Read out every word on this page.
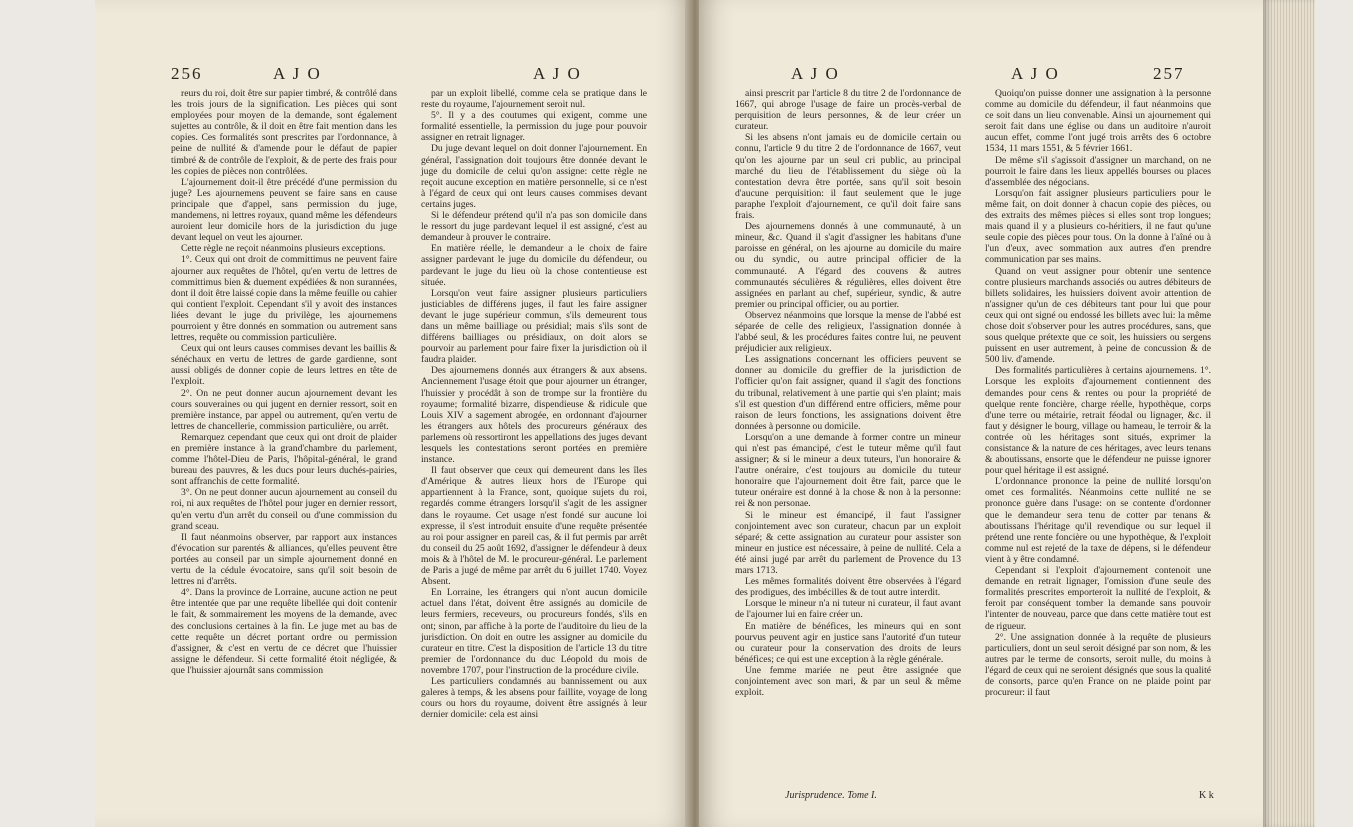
256	A J O	A J O

reurs du roi, doit être sur papier timbré, & contrôlé dans les trois jours de la signification. Les pièces qui sont employées pour moyen de la demande, sont également sujettes au contrôle, & il doit en être fait mention dans les copies. Ces formalités sont prescrites par l'ordonnance, à peine de nullité & d'amende pour le défaut de papier timbré & de contrôle de l'exploit, & de perte des frais pour les copies de pièces non contrôlées.

L'ajournement doit-il être précédé d'une permission du juge? Les ajournemens peuvent se faire sans en cause principale que d'appel, sans permission du juge, mandemens, ni lettres royaux, quand même les défendeurs auroient leur domicile hors de la jurisdiction du juge devant lequel on veut les ajourner.

Cette règle ne reçoit néanmoins plusieurs exceptions.

1°. Ceux qui ont droit de committimus ne peuvent faire ajourner aux requêtes de l'hôtel, qu'en vertu de lettres de committimus bien & duement expédiées & non surannées, dont il doit être laissé copie dans la même feuille ou cahier qui contient l'exploit. Cependant s'il y avoit des instances liées devant le juge du privilège, les ajournemens pourroient y être donnés en sommation ou autrement sans lettres, requête ou commission particulière.

Ceux qui ont leurs causes commises devant les baillis & sénéchaux en vertu de lettres de garde gardienne, sont aussi obligés de donner copie de leurs lettres en tête de l'exploit.

2°. On ne peut donner aucun ajournement devant les cours souveraines ou qui jugent en dernier ressort, soit en première instance, par appel ou autrement, qu'en vertu de lettres de chancellerie, commission particulière, ou arrêt.

Remarquez cependant que ceux qui ont droit de plaider en première instance à la grand'chambre du parlement, comme l'hôtel-Dieu de Paris, l'hôpital-général, le grand bureau des pauvres, & les ducs pour leurs duchés-pairies, sont affranchis de cette formalité.

3°. On ne peut donner aucun ajournement au conseil du roi, ni aux requêtes de l'hôtel pour juger en dernier ressort, qu'en vertu d'un arrêt du conseil ou d'une commission du grand sceau.

Il faut néanmoins observer, par rapport aux instances d'évocation sur parentés & alliances, qu'elles peuvent être portées au conseil par un simple ajournement donné en vertu de la cédule évocatoire, sans qu'il soit besoin de lettres ni d'arrêts.

4°. Dans la province de Lorraine, aucune action ne peut être intentée que par une requête libellée qui doit contenir le fait, & sommairement les moyens de la demande, avec des conclusions certaines à la fin. Le juge met au bas de cette requête un décret portant ordre ou permission d'assigner, & c'est en vertu de ce décret que l'huissier assigne le défendeur. Si cette formalité étoit négligée, & que l'huissier ajournât sans commission

par un exploit libellé, comme cela se pratique dans le reste du royaume, l'ajournement seroit nul.

5°. Il y a des coutumes qui exigent, comme une formalité essentielle, la permission du juge pour pouvoir assigner en retrait lignager.

Du juge devant lequel on doit donner l'ajournement. En général, l'assignation doit toujours être donnée devant le juge du domicile de celui qu'on assigne: cette règle ne reçoit aucune exception en matière personnelle, si ce n'est à l'égard de ceux qui ont leurs causes commises devant certains juges.

Si le défendeur prétend qu'il n'a pas son domicile dans le ressort du juge pardevant lequel il est assigné, c'est au demandeur à prouver le contraire.

En matière réelle, le demandeur a le choix de faire assigner pardevant le juge du domicile du défendeur, ou pardevant le juge du lieu où la chose contentieuse est située.

Lorsqu'on veut faire assigner plusieurs particuliers justiciables de différens juges, il faut les faire assigner devant le juge supérieur commun, s'ils demeurent tous dans un même bailliage ou présidial; mais s'ils sont de différens bailliages ou présidiaux, on doit alors se pourvoir au parlement pour faire fixer la jurisdiction où il faudra plaider.

Des ajournemens donnés aux étrangers & aux absens. Anciennement l'usage étoit que pour ajourner un étranger, l'huissier y procédât à son de trompe sur la frontière du royaume; formalité bizarre, dispendieuse & ridicule que Louis XIV a sagement abrogée, en ordonnant d'ajourner les étrangers aux hôtels des procureurs généraux des parlemens où ressortiront les appellations des juges devant lesquels les contestations seront portées en première instance.

Il faut observer que ceux qui demeurent dans les îles d'Amérique & autres lieux hors de l'Europe qui appartiennent à la France, sont, quoique sujets du roi, regardés comme étrangers lorsqu'il s'agit de les assigner dans le royaume. Cet usage n'est fondé sur aucune loi expresse, il s'est introduit ensuite d'une requête présentée au roi pour assigner en pareil cas, & il fut permis par arrêt du conseil du 25 août 1692, d'assigner le défendeur à deux mois & à l'hôtel de M. le procureur-général. Le parlement de Paris a jugé de même par arrêt du 6 juillet 1740. Voyez Absent.

En Lorraine, les étrangers qui n'ont aucun domicile actuel dans l'état, doivent être assignés au domicile de leurs fermiers, receveurs, ou procureurs fondés, s'ils en ont; sinon, par affiche à la porte de l'auditoire du lieu de la jurisdiction. On doit en outre les assigner au domicile du curateur en titre. C'est la disposition de l'article 13 du titre premier de l'ordonnance du duc Léopold du mois de novembre 1707, pour l'instruction de la procédure civile.

Les particuliers condamnés au bannissement ou aux galeres à temps, & les absens pour faillite, voyage de long cours ou hors du royaume, doivent être assignés à leur dernier domicile: cela est ainsi

A J O	A J O	257

ainsi prescrit par l'article 8 du titre 2 de l'ordonnance de 1667, qui abroge l'usage de faire un procès-verbal de perquisition de leurs personnes, & de leur créer un curateur.

Si les absens n'ont jamais eu de domicile certain ou connu, l'article 9 du titre 2 de l'ordonnance de 1667, veut qu'on les ajourne par un seul cri public, au principal marché du lieu de l'établissement du siège où la contestation devra être portée, sans qu'il soit besoin d'aucune perquisition: il faut seulement que le juge paraphe l'exploit d'ajournement, ce qu'il doit faire sans frais.

Des ajournemens donnés à une communauté, à un mineur, &c. Quand il s'agit d'assigner les habitans d'une paroisse en général, on les ajourne au domicile du maire ou du syndic, ou autre principal officier de la communauté. A l'égard des couvens & autres communautés séculières & régulières, elles doivent être assignées en parlant au chef, supérieur, syndic, & autre premier ou principal officier, ou au portier.

Observez néanmoins que lorsque la mense de l'abbé est séparée de celle des religieux, l'assignation donnée à l'abbé seul, & les procédures faites contre lui, ne peuvent préjudicier aux religieux.

Les assignations concernant les officiers peuvent se donner au domicile du greffier de la jurisdiction de l'officier qu'on fait assigner, quand il s'agit des fonctions du tribunal, relativement à une partie qui s'en plaint; mais s'il est question d'un différend entre officiers, même pour raison de leurs fonctions, les assignations doivent être données à personne ou domicile.

Lorsqu'on a une demande à former contre un mineur qui n'est pas émancipé, c'est le tuteur même qu'il faut assigner; & si le mineur a deux tuteurs, l'un honoraire & l'autre onéraire, c'est toujours au domicile du tuteur honoraire que l'ajournement doit être fait, parce que le tuteur onéraire est donné à la chose & non à la personne: rei & non personae.

Si le mineur est émancipé, il faut l'assigner conjointement avec son curateur, chacun par un exploit séparé; & cette assignation au curateur pour assister son mineur en justice est nécessaire, à peine de nullité. Cela a été ainsi jugé par arrêt du parlement de Provence du 13 mars 1713.

Les mêmes formalités doivent être observées à l'égard des prodigues, des imbécilles & de tout autre interdit.

Lorsque le mineur n'a ni tuteur ni curateur, il faut avant de l'ajourner lui en faire créer un.

En matière de bénéfices, les mineurs qui en sont pourvus peuvent agir en justice sans l'autorité d'un tuteur ou curateur pour la conservation des droits de leurs bénéfices; ce qui est une exception à la règle générale.

Une femme mariée ne peut être assignée que conjointement avec son mari, & par un seul & même exploit.

Quoiqu'on puisse donner une assignation à la personne comme au domicile du défendeur, il faut néanmoins que ce soit dans un lieu convenable. Ainsi un ajournement qui seroit fait dans une église ou dans un auditoire n'auroit aucun effet, comme l'ont jugé trois arrêts des 6 octobre 1534, 11 mars 1551, & 5 février 1661.

De même s'il s'agissoit d'assigner un marchand, on ne pourroit le faire dans les lieux appellés bourses ou places d'assemblée des négocians.

Lorsqu'on fait assigner plusieurs particuliers pour le même fait, on doit donner à chacun copie des pièces, ou des extraits des mêmes pièces si elles sont trop longues; mais quand il y a plusieurs co-héritiers, il ne faut qu'une seule copie des pièces pour tous. On la donne à l'aîné ou à l'un d'eux, avec sommation aux autres d'en prendre communication par ses mains.

Quand on veut assigner pour obtenir une sentence contre plusieurs marchands associés ou autres débiteurs de billets solidaires, les huissiers doivent avoir attention de n'assigner qu'un de ces débiteurs tant pour lui que pour ceux qui ont signé ou endossé les billets avec lui: la même chose doit s'observer pour les autres procédures, sans, que sous quelque prétexte que ce soit, les huissiers ou sergens puissent en user autrement, à peine de concussion & de 500 liv. d'amende.

Des formalités particulières à certains ajournemens. 1°. Lorsque les exploits d'ajournement contiennent des demandes pour cens & rentes ou pour la propriété de quelque rente foncière, charge réelle, hypothèque, corps d'une terre ou métairie, retrait féodal ou lignager, &c. il faut y désigner le bourg, village ou hameau, le terroir & la contrée où les héritages sont situés, exprimer la consistance & la nature de ces héritages, avec leurs tenans & aboutissans, ensorte que le défendeur ne puisse ignorer pour quel héritage il est assigné.

L'ordonnance prononce la peine de nullité lorsqu'on omet ces formalités. Néanmoins cette nullité ne se prononce guère dans l'usage: on se contente d'ordonner que le demandeur sera tenu de cotter par tenans & aboutissans l'héritage qu'il revendique ou sur lequel il prétend une rente foncière ou une hypothèque, & l'exploit comme nul est rejeté de la taxe de dépens, si le défendeur vient à y être condamné.

Cependant si l'exploit d'ajournement contenoit une demande en retrait lignager, l'omission d'une seule des formalités prescrites emporteroit la nullité de l'exploit, & feroit par conséquent tomber la demande sans pouvoir l'intenter de nouveau, parce que dans cette matière tout est de rigueur.

2°. Une assignation donnée à la requête de plusieurs particuliers, dont un seul seroit désigné par son nom, & les autres par le terme de consorts, seroit nulle, du moins à l'égard de ceux qui ne seroient désignés que sous la qualité de consorts, parce qu'en France on ne plaide point par procureur: il faut

Jurisprudence. Tome I.	K k
